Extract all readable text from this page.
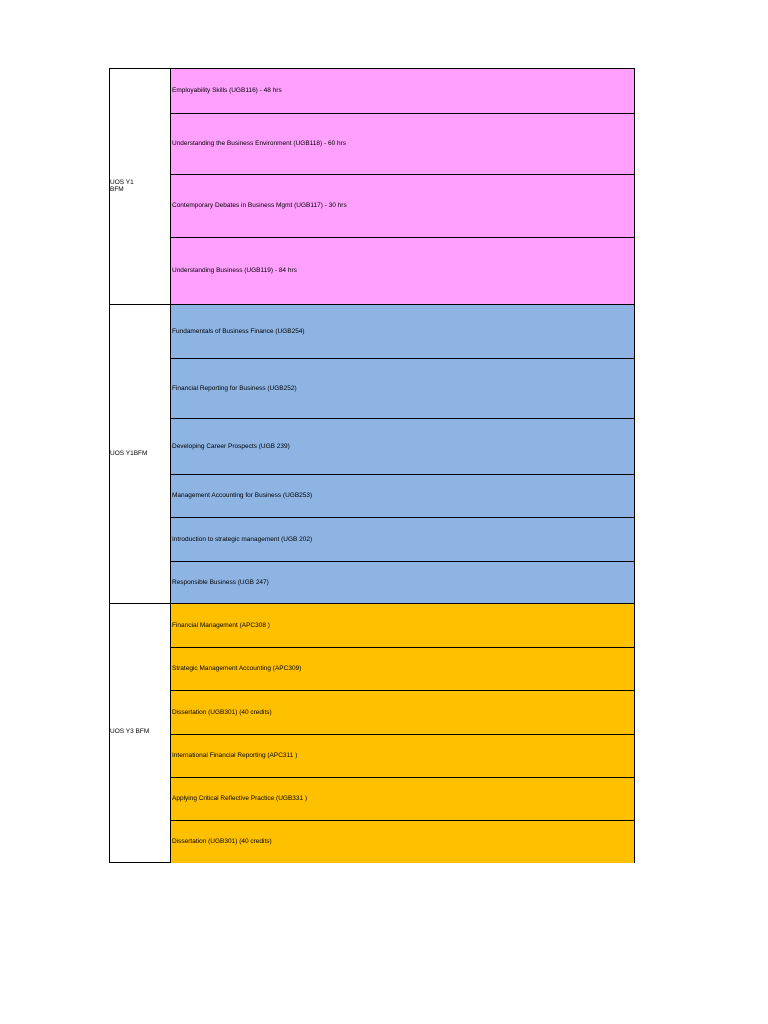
UOS Y1
BFM
Employability Skills (UGB116) - 48 hrs
Understanding the Business Environment (UGB118) - 60 hrs
Contemporary Debates in Business Mgmt (UGB117) - 30 hrs
Understanding Business (UGB119) - 84 hrs
UOS Y1BFM
Fundamentals of Business Finance (UGB254)
Financial Reporting for Business (UGB252)
Developing Career Prospects (UGB 239)
Management Accounting for Business (UGB253)
Introduction to strategic management (UGB 202)
Responsible Business (UGB 247)
UOS Y3 BFM
Financial Management (APC308 )
Strategic Management Accounting (APC309)
Dissertation (UGB301) (40 credits)
International Financial Reporting (APC311 )
Applying Critical Reflective Practice (UGB331 )
Dissertation (UGB301) (40 credits)
